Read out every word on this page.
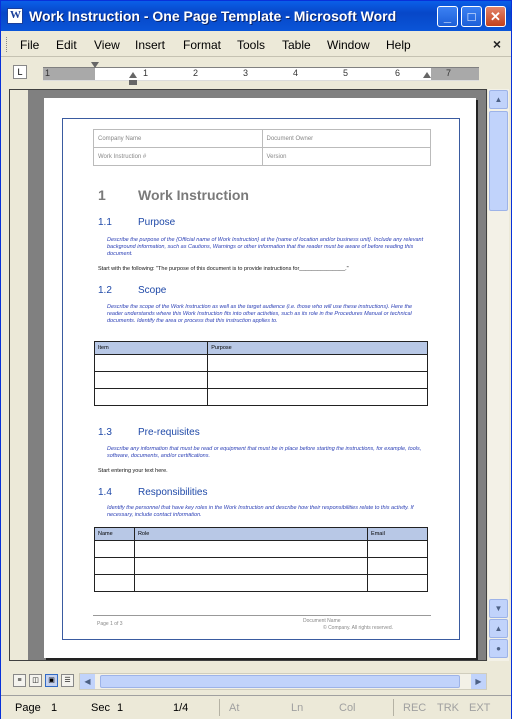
W
Work Instruction - One Page Template - Microsoft Word	_	□	✕
File Edit View Insert Format Tools Table Window Help	×
L	1	1	2	3	4	5	6	7
Company Name	Document Owner
Work Instruction #	Version
1 Work Instruction
1.1	Purpose
Describe the purpose of the {Official name of Work Instruction} at the {name of location and/or business unit}. Include any relevant background information, such as Cautions, Warnings or other information that the reader must be aware of before reading this document.
Start with the following: "The purpose of this document is to provide instructions for_______________."
1.2	Scope
Describe the scope of the Work Instruction as well as the target audience (i.e. those who will use these instructions). Here the reader understands where this Work Instruction fits into other activities, such as its role in the Procedures Manual or technical documents. Identify the area or process that this instruction applies to.
Item	Purpose

1.3	Pre-requisites
Describe any information that must be read or equipment that must be in place before starting the instructions, for example, tools, software, documents, and/or certifications.
Start entering your text here.
1.4	Responsibilities
Identify the personnel that have key roles in the Work Instruction and describe how their responsibilities relate to this activity. If necessary, include contact information.
Name	Role	Email

Page 1 of 3	Document Name
© Company. All rights reserved.
▲
▼
▲
●
≡	◫	▣	☰	◀	▶
Page 1	Sec 1	1/4	At	Ln	Col	REC TRK EXT
